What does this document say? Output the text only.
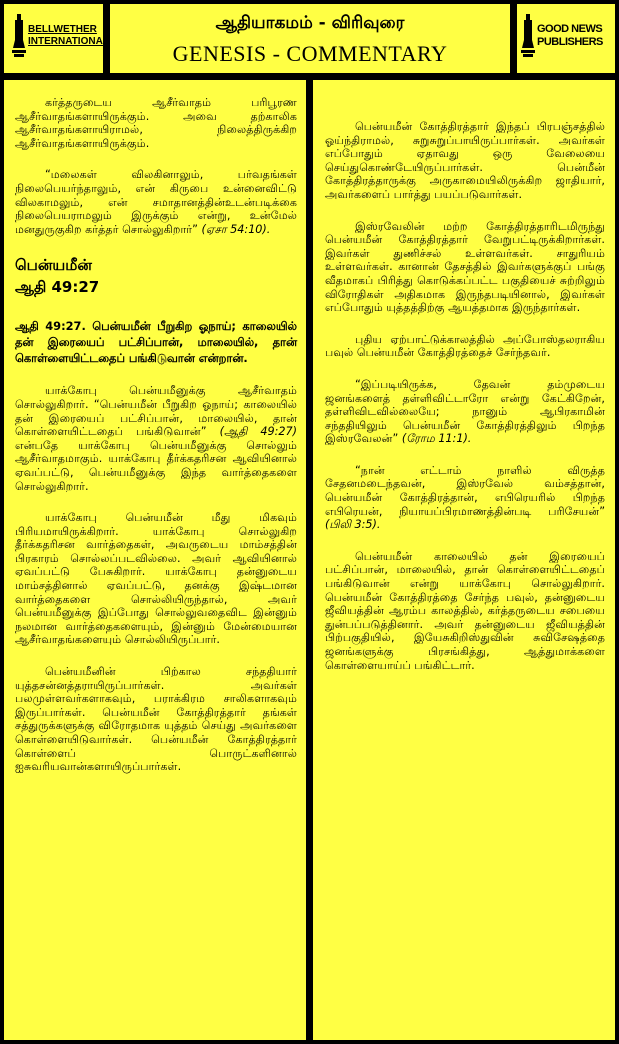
BELLWETHER INTERNATIONAL
ஆதியாகமம் - விரிவுரை
GENESIS - COMMENTARY
GOOD NEWS PUBLISHERS

கர்த்தருடைய ஆசீர்வாதம் பரிபூரண ஆசீர்வாதங்களாயிருக்கும். அவை தற்காலிக ஆசீர்வாதங்களாயிராமல், நிலைத்திருக்கிற ஆசீர்வாதங்களாயிருக்கும்.

“மலைகள் விலகினாலும், பர்வதங்கள் நிலைபெயர்ந்தாலும், என் கிருபை உன்னைவிட்டு விலகாமலும், என் சமாதானத்தின்உடன்படிக்கை நிலைபெயராமலும் இருக்கும் என்று, உன்மேல் மனதுருகுகிற கர்த்தர் சொல்லுகிறார்” (ஏசா 54:10).

பென்யமீன்
ஆதி 49:27

ஆதி 49:27. பென்யமீன் பீறுகிற ஓநாய்; காலையில் தன் இரையைப் பட்சிப்பான், மாலையில், தான் கொள்ளையிட்டதைப் பங்கிடுவான் என்றான்.

யாக்கோபு பென்யமீனுக்கு ஆசீர்வாதம் சொல்லுகிறார். “பென்யமீன் பீறுகிற ஓநாய்; காலையில் தன் இரையைப் பட்சிப்பான், மாலையில், தான் கொள்ளையிட்டதைப் பங்கிடுவான்” (ஆதி 49:27) என்பதே யாக்கோபு பென்யமீனுக்கு சொல்லும் ஆசீர்வாதமாகும். யாக்கோபு தீர்க்கதரிசன ஆவியினால் ஏவப்பட்டு, பென்யமீனுக்கு இந்த வார்த்தைகளை சொல்லுகிறார்.

யாக்கோபு பென்யமீன் மீது மிகவும் பிரியமாயிருக்கிறார். யாக்கோபு சொல்லுகிற தீர்க்கதரிசன வார்த்தைகள், அவருடைய மாம்சத்தின் பிரகாரம் சொல்லப்படவில்லை. அவர் ஆவியினால் ஏவப்பட்டு பேசுகிறார். யாக்கோபு தன்னுடைய மாம்சத்தினால் ஏவப்பட்டு, தனக்கு இஷ்டமான வார்த்தைகளை சொல்லியிருந்தால், அவர் பென்யமீனுக்கு இப்போது சொல்லுவதைவிட இன்னும் நலமான வார்த்தைகளையும், இன்னும் மேன்மையான ஆசீர்வாதங்களையும் சொல்லியிருப்பார்.

பென்யமீனின் பிற்கால சந்ததியார் யுத்தசன்னத்தராயிருப்பார்கள். அவர்கள் பலமுள்ளவர்களாகவும், பராக்கிரம சாலிகளாகவும் இருப்பார்கள். பென்யமீன் கோத்திரத்தார் தங்கள் சத்துருக்களுக்கு விரோதமாக யுத்தம் செய்து அவர்களை கொள்ளையிடுவார்கள். பென்யமீன் கோத்திரத்தார் கொள்ளைப் பொருட்களினால் ஐசுவரியவான்களாயிருப்பார்கள்.

பென்யமீன் கோத்திரத்தார் இந்தப் பிரபஞ்சத்தில் ஓய்ந்திராமல், சுறுசுறுப்பாயிருப்பார்கள். அவர்கள் எப்போதும் ஏதாவது ஒரு வேலையை செய்துகொண்டேயிருப்பார்கள். பென்மீன் கோத்திரத்தாருக்கு அருகாமையிலிருக்கிற ஜாதியார், அவர்களைப் பார்த்து பயப்படுவார்கள்.

இஸ்ரவேலின் மற்ற கோத்திரத்தாரிடமிருந்து பென்யமீன் கோத்திரத்தார் வேறுபட்டிருக்கிறார்கள். இவர்கள் துணிச்சல் உள்ளவர்கள். சாதுரியம் உள்ளவர்கள். கானான் தேசத்தில் இவர்களுக்குப் பங்கு வீதமாகப் பிரித்து கொடுக்கப்பட்ட பகுதியைச் சுற்றிலும் விரோதிகள் அதிகமாக இருந்தபடியினால், இவர்கள் எப்போதும் யுத்தத்திற்கு ஆயத்தமாக இருந்தார்கள்.

புதிய ஏற்பாட்டுக்காலத்தில் அப்போஸ்தலராகிய பவுல் பென்யமீன் கோத்திரத்தைச் சேர்ந்தவர்.

“இப்படியிருக்க, தேவன் தம்முடைய ஜனங்களைத் தள்ளிவிட்டாரோ என்று கேட்கிறேன், தள்ளிவிடவில்லையே; நானும் ஆபிரகாமின் சந்ததியிலும் பென்யமீன் கோத்திரத்திலும் பிறந்த இஸ்ரவேலன்” (ரோம 11:1).

“நான் எட்டாம் நாளில் விருத்த சேதனமடைந்தவன், இஸ்ரவேல் வம்சத்தான், பென்யமீன் கோத்திரத்தான், எபிரெயரில் பிறந்த எபிரெயன், நியாயப்பிரமாணத்தின்படி பரிசேயன்” (பிலி 3:5).

பென்யமீன் காலையில் தன் இரையைப் பட்சிப்பான், மாலையில், தான் கொள்ளையிட்டதைப் பங்கிடுவான் என்று யாக்கோபு சொல்லுகிறார். பென்யமீன் கோத்திரத்தை சேர்ந்த பவுல், தன்னுடைய ஜீவியத்தின் ஆரம்ப காலத்தில், கர்த்தருடைய சபையை துன்பப்படுத்தினார். அவர் தன்னுடைய ஜீவியத்தின் பிற்பகுதியில், இயேசுகிறிஸ்துவின் சுவிசேஷத்தை ஜனங்களுக்கு பிரசங்கித்து, ஆத்துமாக்களை கொள்ளையாய்ப் பங்கிட்டார்.
